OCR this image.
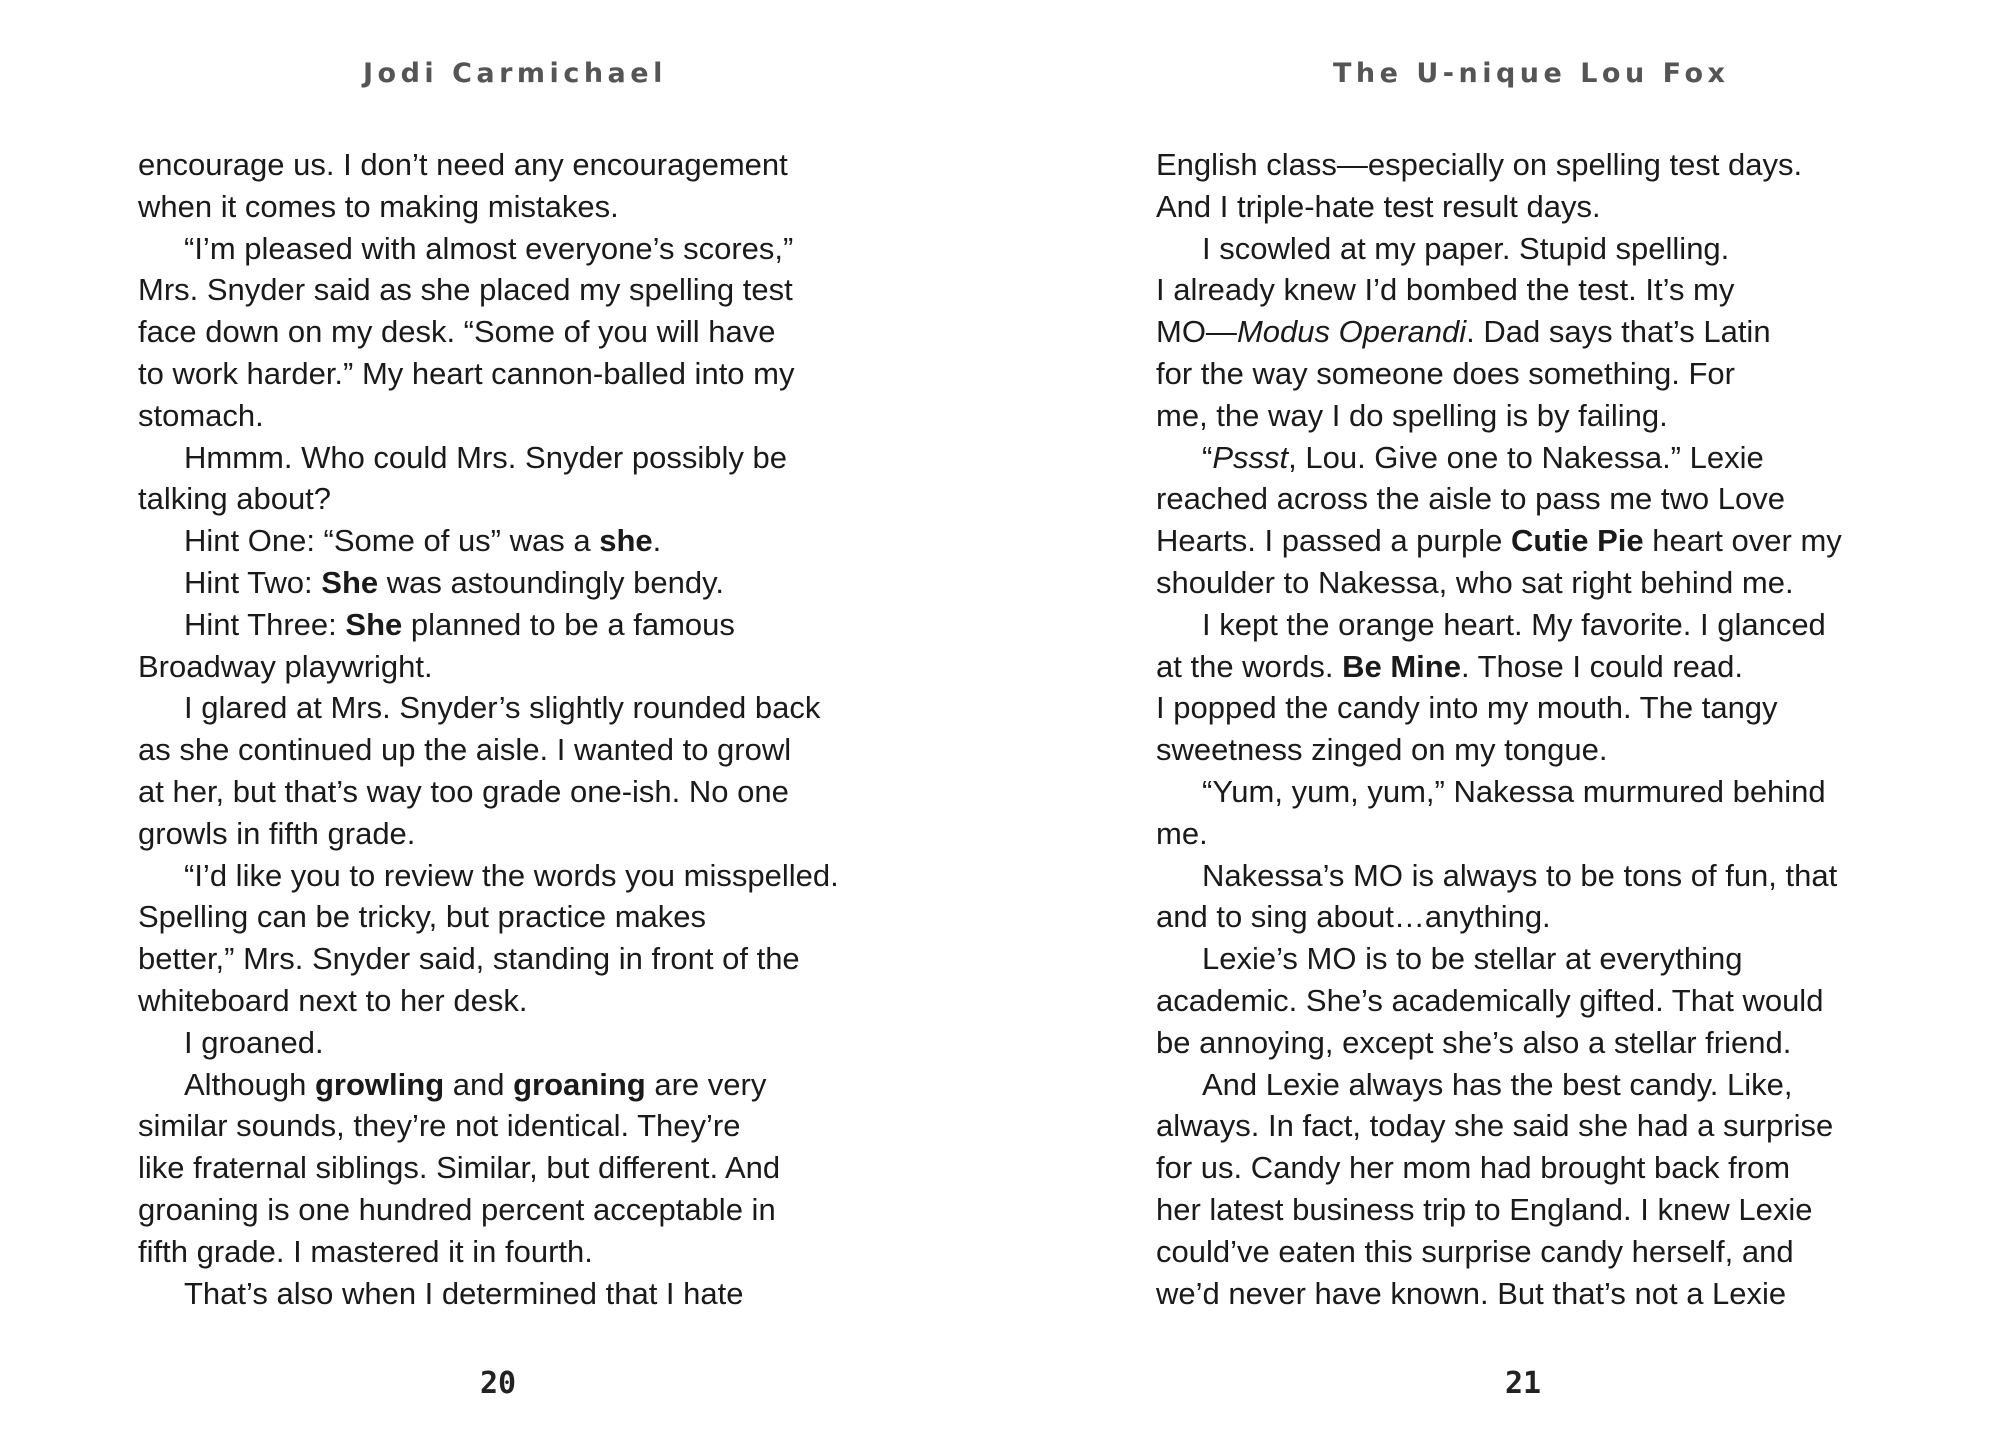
Jodi Carmichael
encourage us. I don’t need any encouragement
when it comes to making mistakes.
“I’m pleased with almost everyone’s scores,”
Mrs. Snyder said as she placed my spelling test
face down on my desk. “Some of you will have
to work harder.” My heart cannon-balled into my
stomach.
Hmmm. Who could Mrs. Snyder possibly be
talking about?
Hint One: “Some of us” was a she.
Hint Two: She was astoundingly bendy.
Hint Three: She planned to be a famous
Broadway playwright.
I glared at Mrs. Snyder’s slightly rounded back
as she continued up the aisle. I wanted to growl
at her, but that’s way too grade one-ish. No one
growls in fifth grade.
“I’d like you to review the words you misspelled.
Spelling can be tricky, but practice makes
better,” Mrs. Snyder said, standing in front of the
whiteboard next to her desk.
I groaned.
Although growling and groaning are very
similar sounds, they’re not identical. They’re
like fraternal siblings. Similar, but different. And
groaning is one hundred percent acceptable in
fifth grade. I mastered it in fourth.
That’s also when I determined that I hate
20
The U-nique Lou Fox
English class—especially on spelling test days.
And I triple-hate test result days.
I scowled at my paper. Stupid spelling.
I already knew I’d bombed the test. It’s my
MO—Modus Operandi. Dad says that’s Latin
for the way someone does something. For
me, the way I do spelling is by failing.
“Pssst, Lou. Give one to Nakessa.” Lexie
reached across the aisle to pass me two Love
Hearts. I passed a purple Cutie Pie heart over my
shoulder to Nakessa, who sat right behind me.
I kept the orange heart. My favorite. I glanced
at the words. Be Mine. Those I could read.
I popped the candy into my mouth. The tangy
sweetness zinged on my tongue.
“Yum, yum, yum,” Nakessa murmured behind
me.
Nakessa’s MO is always to be tons of fun, that
and to sing about…anything.
Lexie’s MO is to be stellar at everything
academic. She’s academically gifted. That would
be annoying, except she’s also a stellar friend.
And Lexie always has the best candy. Like,
always. In fact, today she said she had a surprise
for us. Candy her mom had brought back from
her latest business trip to England. I knew Lexie
could’ve eaten this surprise candy herself, and
we’d never have known. But that’s not a Lexie
21
